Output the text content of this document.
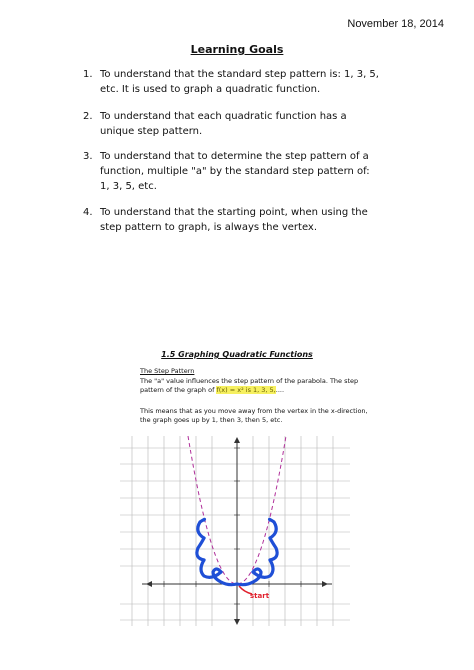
November 18, 2014
Learning Goals
1. To understand that the standard step pattern is: 1, 3, 5, etc. It is used to graph a quadratic function.
2. To understand that each quadratic function has a unique step pattern.
3. To understand that to determine the step pattern of a function, multiple "a" by the standard step pattern of: 1, 3, 5, etc.
4. To understand that the starting point, when using the step pattern to graph, is always the vertex.
1.5 Graphing Quadratic Functions
The Step Pattern
The "a" value influences the step pattern of the parabola. The step pattern of the graph of f(x) = x² is 1, 3, 5,....
This means that as you move away from the vertex in the x-direction, the graph goes up by 1, then 3, then 5, etc.
start
